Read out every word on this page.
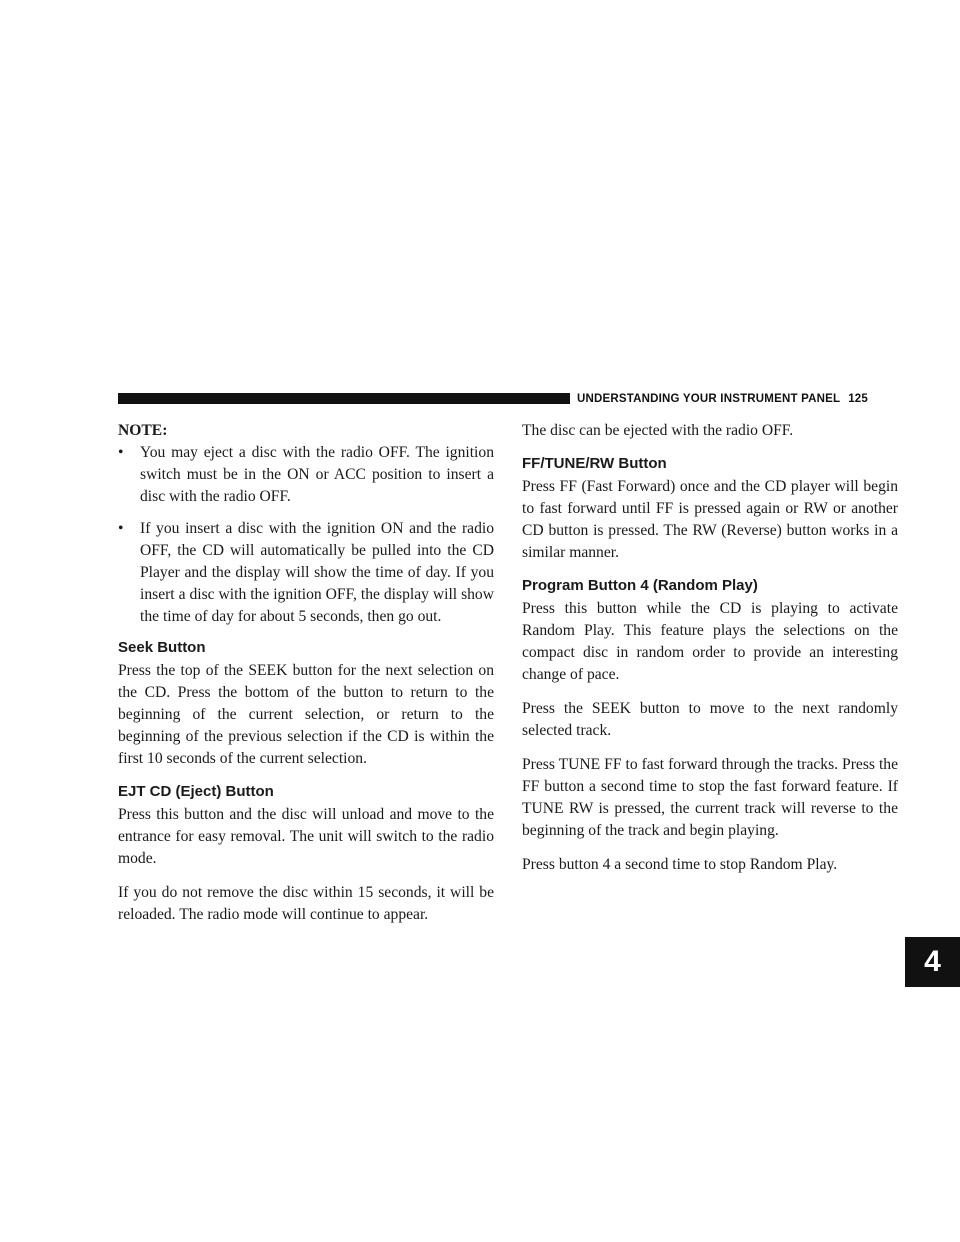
UNDERSTANDING YOUR INSTRUMENT PANEL 125
4
NOTE:
• You may eject a disc with the radio OFF. The ignition switch must be in the ON or ACC position to insert a disc with the radio OFF.
• If you insert a disc with the ignition ON and the radio OFF, the CD will automatically be pulled into the CD Player and the display will show the time of day. If you insert a disc with the ignition OFF, the display will show the time of day for about 5 seconds, then go out.
Seek Button

Press the top of the SEEK button for the next selection on the CD. Press the bottom of the button to return to the beginning of the current selection, or return to the beginning of the previous selection if the CD is within the first 10 seconds of the current selection.

EJT CD (Eject) Button

Press this button and the disc will unload and move to the entrance for easy removal. The unit will switch to the radio mode.

If you do not remove the disc within 15 seconds, it will be reloaded. The radio mode will continue to appear.

The disc can be ejected with the radio OFF.

FF/TUNE/RW Button

Press FF (Fast Forward) once and the CD player will begin to fast forward until FF is pressed again or RW or another CD button is pressed. The RW (Reverse) button works in a similar manner.

Program Button 4 (Random Play)

Press this button while the CD is playing to activate Random Play. This feature plays the selections on the compact disc in random order to provide an interesting change of pace.

Press the SEEK button to move to the next randomly selected track.

Press TUNE FF to fast forward through the tracks. Press the FF button a second time to stop the fast forward feature. If TUNE RW is pressed, the current track will reverse to the beginning of the track and begin playing.

Press button 4 a second time to stop Random Play.
